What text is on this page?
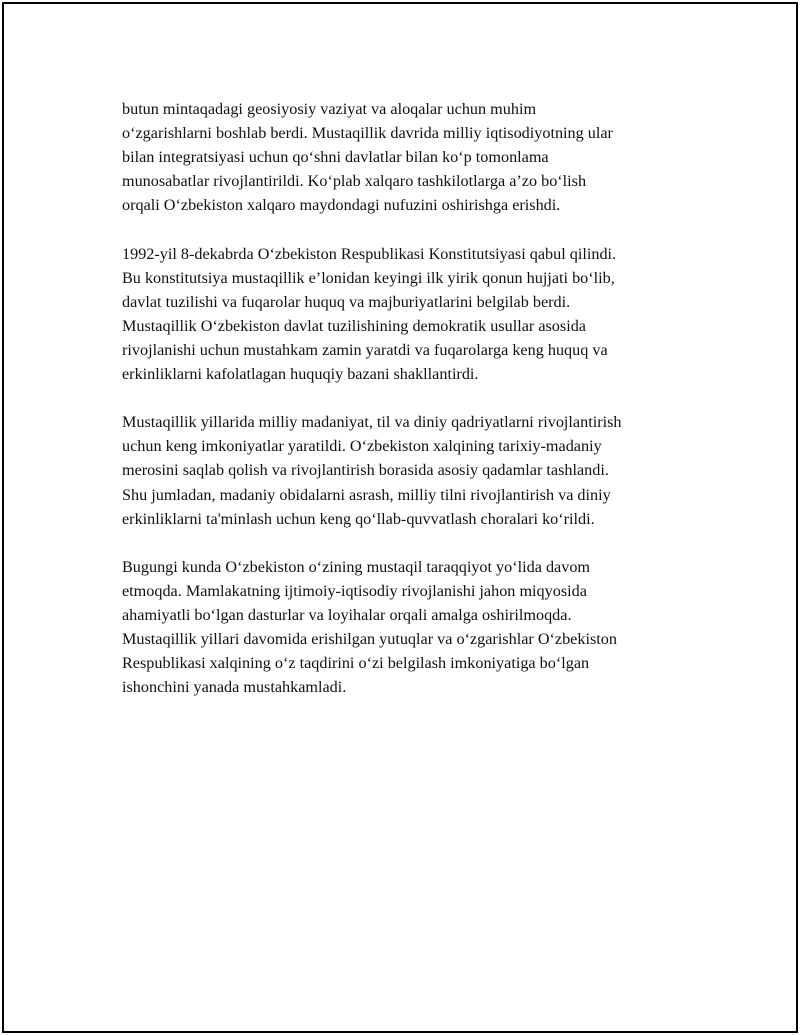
butun mintaqadagi geosiyosiy vaziyat va aloqalar uchun muhim
o‘zgarishlarni boshlab berdi. Mustaqillik davrida milliy iqtisodiyotning ular
bilan integratsiyasi uchun qo‘shni davlatlar bilan ko‘p tomonlama
munosabatlar rivojlantirildi. Ko‘plab xalqaro tashkilotlarga a’zo bo‘lish
orqali O‘zbekiston xalqaro maydondagi nufuzini oshirishga erishdi.

1992-yil 8-dekabrda O‘zbekiston Respublikasi Konstitutsiyasi qabul qilindi.
Bu konstitutsiya mustaqillik e’lonidan keyingi ilk yirik qonun hujjati bo‘lib,
davlat tuzilishi va fuqarolar huquq va majburiyatlarini belgilab berdi.
Mustaqillik O‘zbekiston davlat tuzilishining demokratik usullar asosida
rivojlanishi uchun mustahkam zamin yaratdi va fuqarolarga keng huquq va
erkinliklarni kafolatlagan huquqiy bazani shakllantirdi.

Mustaqillik yillarida milliy madaniyat, til va diniy qadriyatlarni rivojlantirish
uchun keng imkoniyatlar yaratildi. O‘zbekiston xalqining tarixiy-madaniy
merosini saqlab qolish va rivojlantirish borasida asosiy qadamlar tashlandi.
Shu jumladan, madaniy obidalarni asrash, milliy tilni rivojlantirish va diniy
erkinliklarni ta'minlash uchun keng qo‘llab-quvvatlash choralari ko‘rildi.

Bugungi kunda O‘zbekiston o‘zining mustaqil taraqqiyot yo‘lida davom
etmoqda. Mamlakatning ijtimoiy-iqtisodiy rivojlanishi jahon miqyosida
ahamiyatli bo‘lgan dasturlar va loyihalar orqali amalga oshirilmoqda.
Mustaqillik yillari davomida erishilgan yutuqlar va o‘zgarishlar O‘zbekiston
Respublikasi xalqining o‘z taqdirini o‘zi belgilash imkoniyatiga bo‘lgan
ishonchini yanada mustahkamladi.
